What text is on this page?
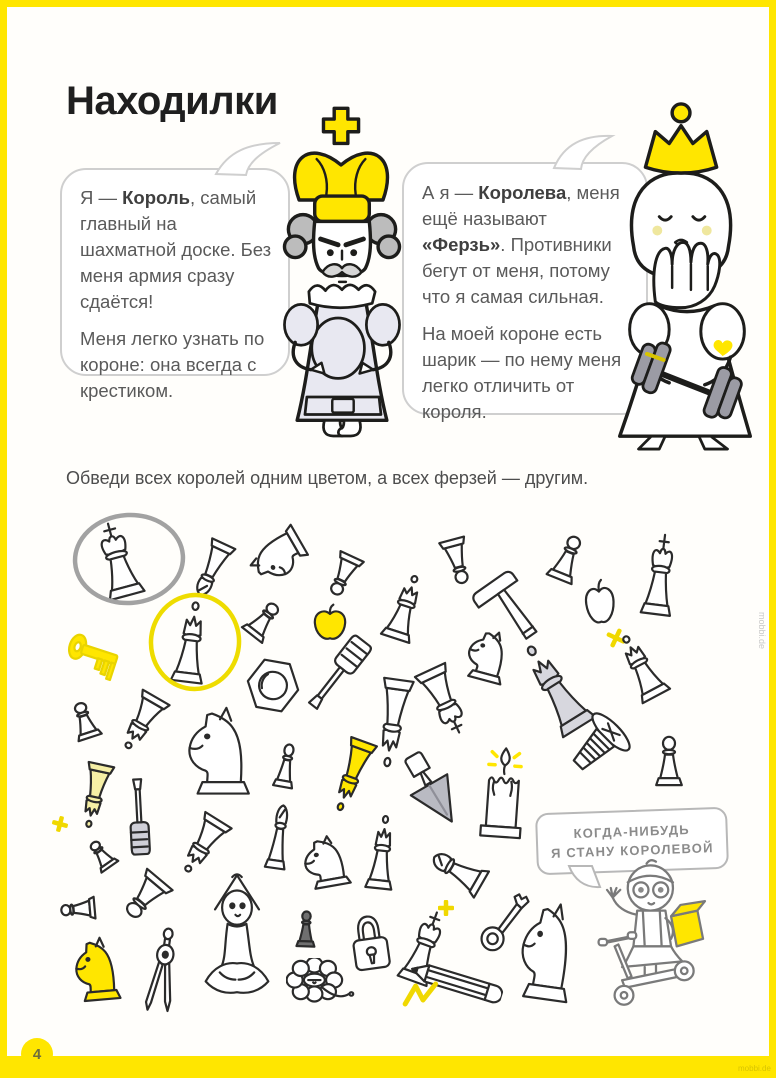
4
Находилки

Я — Король, самый главный на шахматной доске. Без меня армия сразу сдаётся!

Меня легко узнать по короне: она всегда с крестиком.

А я — Королева, меня ещё называют «Ферзь». Противники бегут от меня, потому что я самая сильная.

На моей короне есть шарик — по нему меня легко отличить от короля.

Обведи всех королей одним цветом, а всех ферзей — другим.
КОГДА-НИБУДЬ
Я СТАНУ КОРОЛЕВОЙ
mobbi.de
mobbi.de
